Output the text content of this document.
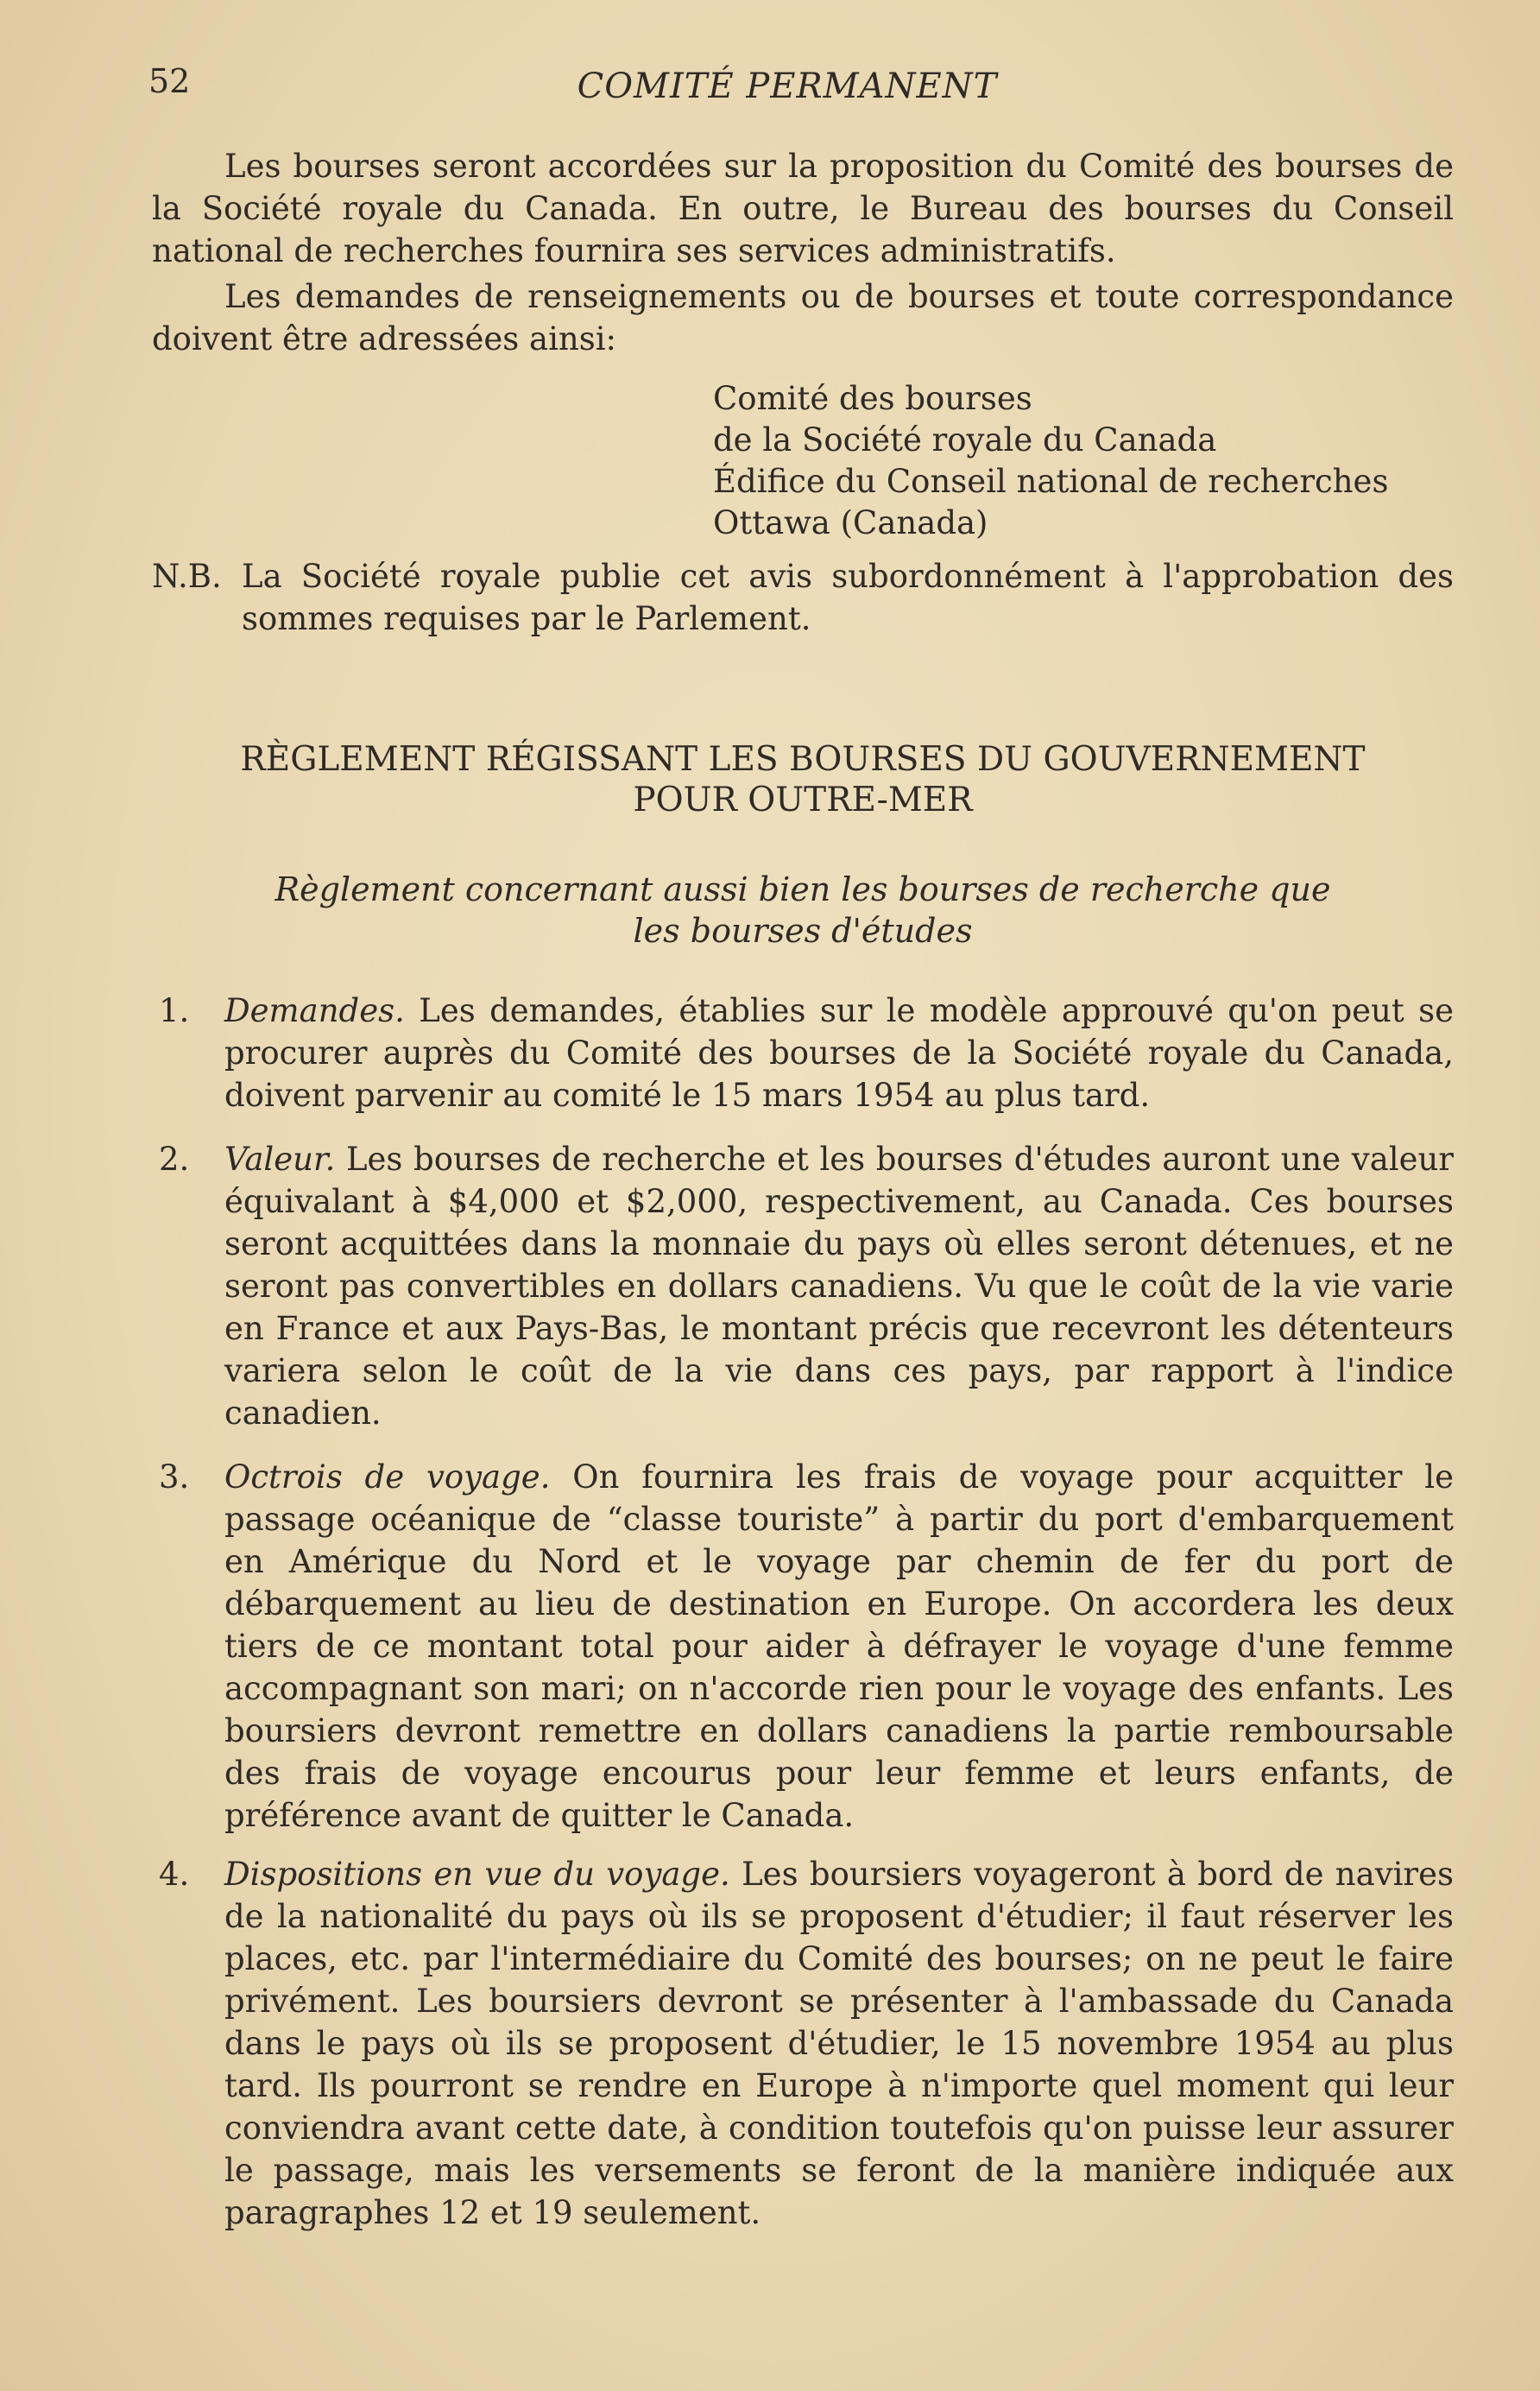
52	COMITÉ PERMANENT

Les bourses seront accordées sur la proposition du Comité des bourses de la Société royale du Canada. En outre, le Bureau des bourses du Conseil national de recherches fournira ses services administratifs.

Les demandes de renseignements ou de bourses et toute correspondance doivent être adressées ainsi:

Comité des bourses
de la Société royale du Canada
Édifice du Conseil national de recherches
Ottawa (Canada)
N.B. La Société royale publie cet avis subordonnément à l'approbation des sommes requises par le Parlement.

RÈGLEMENT RÉGISSANT LES BOURSES DU GOUVERNEMENT
POUR OUTRE-MER
Règlement concernant aussi bien les bourses de recherche que
les bourses d'études
1. Demandes. Les demandes, établies sur le modèle approuvé qu'on peut se procurer auprès du Comité des bourses de la Société royale du Canada, doivent parvenir au comité le 15 mars 1954 au plus tard.

2. Valeur. Les bourses de recherche et les bourses d'études auront une valeur équivalant à $4,000 et $2,000, respectivement, au Canada. Ces bourses seront acquittées dans la monnaie du pays où elles seront détenues, et ne seront pas convertibles en dollars canadiens. Vu que le coût de la vie varie en France et aux Pays-Bas, le montant précis que recevront les détenteurs variera selon le coût de la vie dans ces pays, par rapport à l'indice canadien.

3. Octrois de voyage. On fournira les frais de voyage pour acquitter le passage océanique de “classe touriste” à partir du port d'embarquement en Amérique du Nord et le voyage par chemin de fer du port de débarquement au lieu de destination en Europe. On accordera les deux tiers de ce montant total pour aider à défrayer le voyage d'une femme accompagnant son mari; on n'accorde rien pour le voyage des enfants. Les boursiers devront remettre en dollars canadiens la partie remboursable des frais de voyage encourus pour leur femme et leurs enfants, de préférence avant de quitter le Canada.

4. Dispositions en vue du voyage. Les boursiers voyageront à bord de navires de la nationalité du pays où ils se proposent d'étudier; il faut réserver les places, etc. par l'intermédiaire du Comité des bourses; on ne peut le faire privément. Les boursiers devront se présenter à l'ambassade du Canada dans le pays où ils se proposent d'étudier, le 15 novembre 1954 au plus tard. Ils pourront se rendre en Europe à n'importe quel moment qui leur conviendra avant cette date, à condition toutefois qu'on puisse leur assurer le passage, mais les versements se feront de la manière indiquée aux paragraphes 12 et 19 seulement.
